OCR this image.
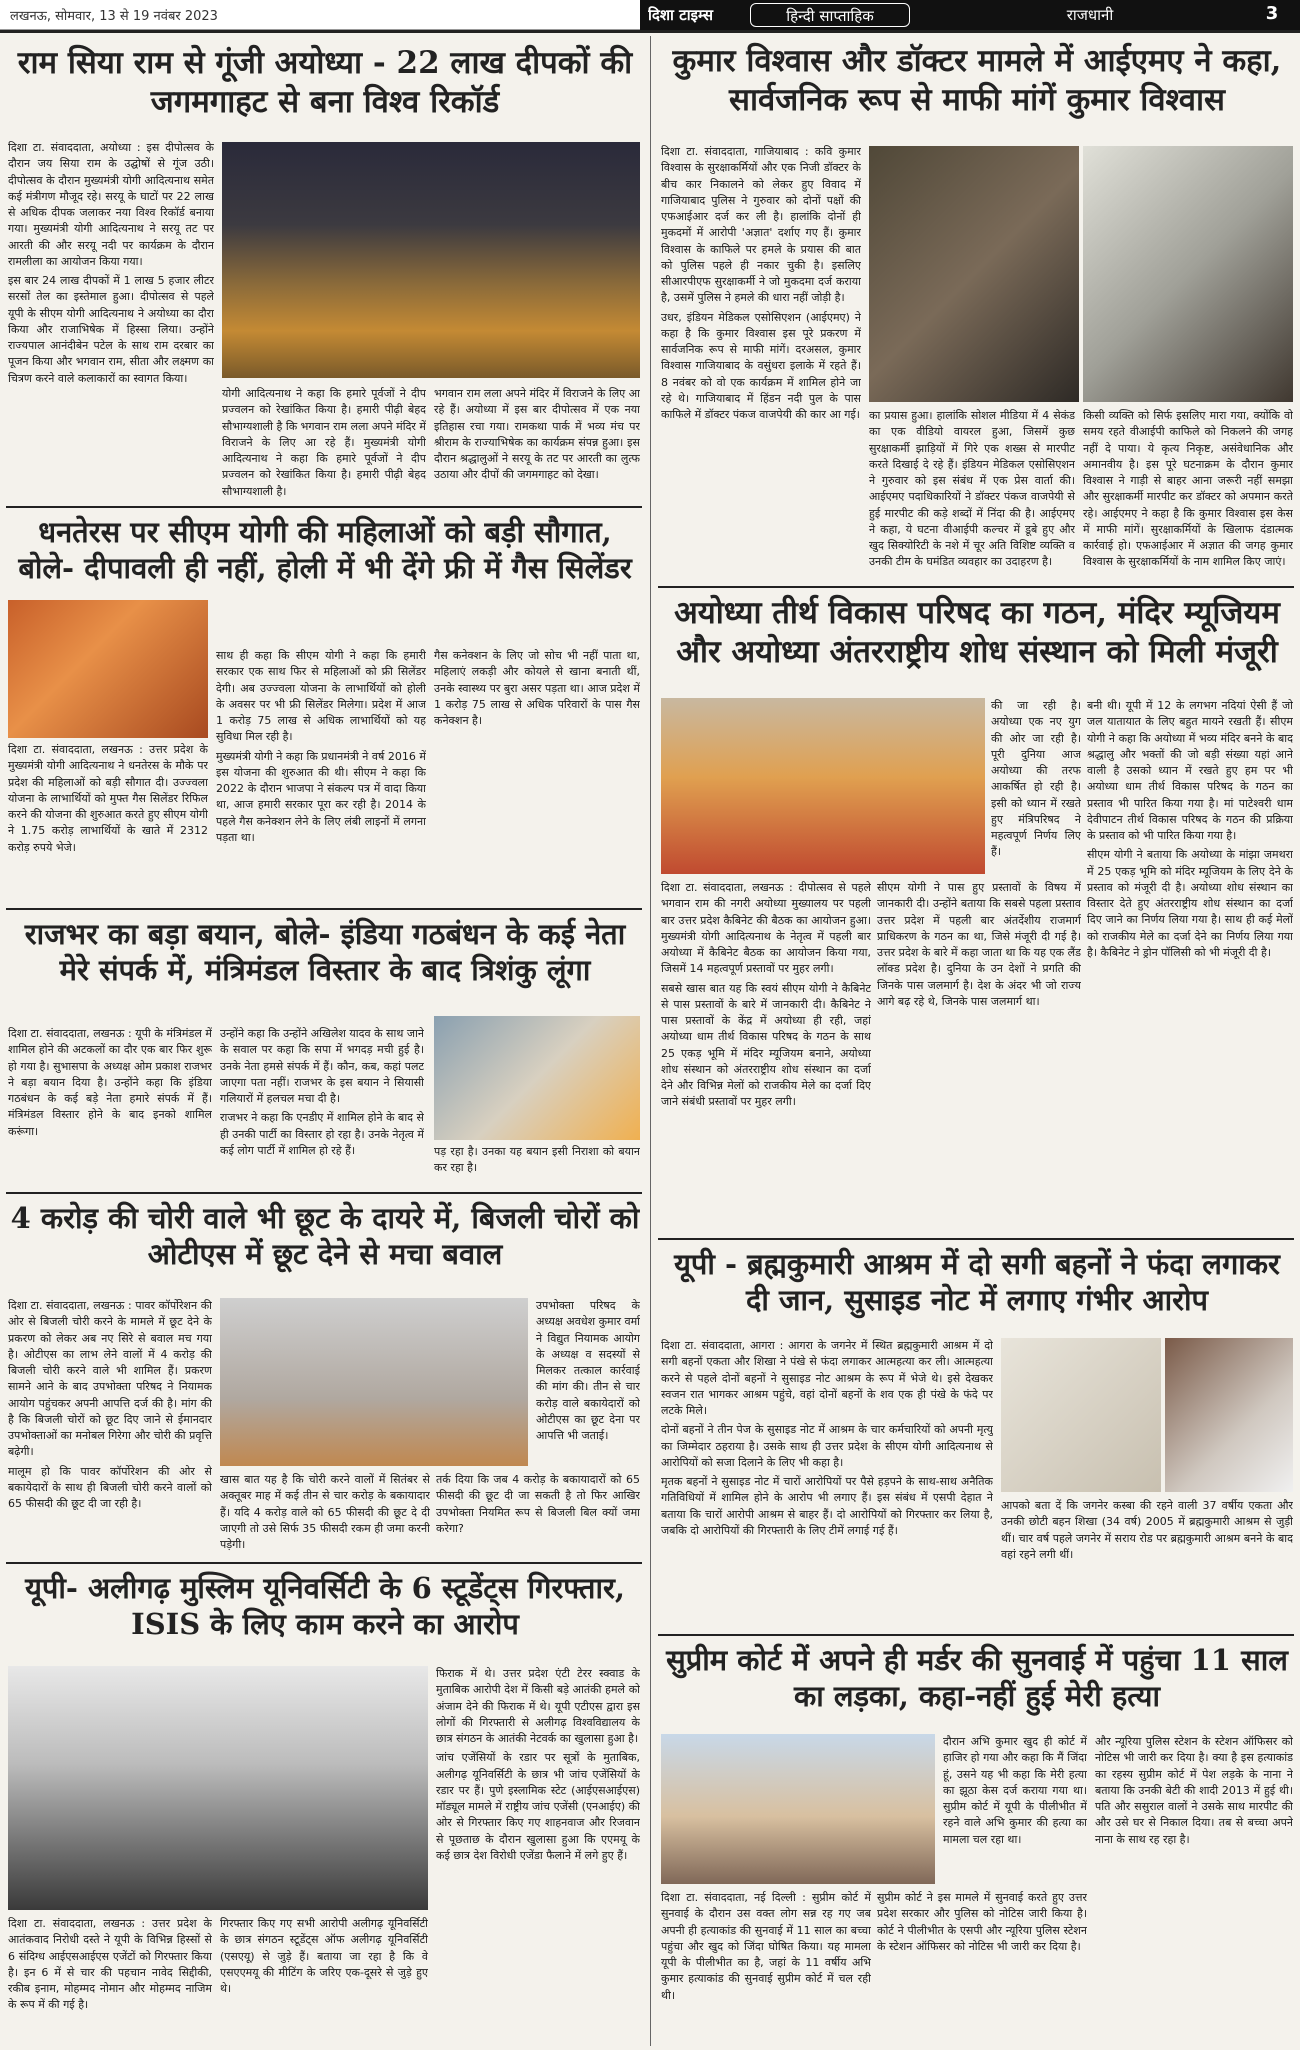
लखनऊ, सोमवार, 13 से 19 नवंबर 2023	दिशा टाइम्स	हिन्दी साप्ताहिक	राजधानी	3
राम सिया राम से गूंजी अयोध्या - 22 लाख दीपकों की जगमगाहट से बना विश्व रिकॉर्ड

दिशा टा. संवाददाता, अयोध्या : इस दीपोत्सव के दौरान जय सिया राम के उद्घोषों से गूंज उठी। दीपोत्सव के दौरान मुख्यमंत्री योगी आदित्यनाथ समेत कई मंत्रीगण मौजूद रहे। सरयू के घाटों पर 22 लाख से अधिक दीपक जलाकर नया विश्व रिकॉर्ड बनाया गया। मुख्यमंत्री योगी आदित्यनाथ ने सरयू तट पर आरती की और सरयू नदी पर कार्यक्रम के दौरान रामलीला का आयोजन किया गया।

इस बार 24 लाख दीपकों में 1 लाख 5 हजार लीटर सरसों तेल का इस्तेमाल हुआ। दीपोत्सव से पहले यूपी के सीएम योगी आदित्यनाथ ने अयोध्या का दौरा किया और राजाभिषेक में हिस्सा लिया। उन्होंने राज्यपाल आनंदीबेन पटेल के साथ राम दरबार का पूजन किया और भगवान राम, सीता और लक्ष्मण का चित्रण करने वाले कलाकारों का स्वागत किया।

योगी आदित्यनाथ ने कहा कि हमारे पूर्वजों ने दीप प्रज्वलन को रेखांकित किया है। हमारी पीढ़ी बेहद सौभाग्यशाली है कि भगवान राम लला अपने मंदिर में विराजने के लिए आ रहे हैं। मुख्यमंत्री योगी आदित्यनाथ ने कहा कि हमारे पूर्वजों ने दीप प्रज्वलन को रेखांकित किया है। हमारी पीढ़ी बेहद सौभाग्यशाली है।

भगवान राम लला अपने मंदिर में विराजने के लिए आ रहे हैं। अयोध्या में इस बार दीपोत्सव में एक नया इतिहास रचा गया। रामकथा पार्क में भव्य मंच पर श्रीराम के राज्याभिषेक का कार्यक्रम संपन्न हुआ। इस दौरान श्रद्धालुओं ने सरयू के तट पर आरती का लुत्फ उठाया और दीपों की जगमगाहट को देखा।

धनतेरस पर सीएम योगी की महिलाओं को बड़ी सौगात, बोले- दीपावली ही नहीं, होली में भी देंगे फ्री में गैस सिलेंडर

दिशा टा. संवाददाता, लखनऊ : उत्तर प्रदेश के मुख्यमंत्री योगी आदित्यनाथ ने धनतेरस के मौके पर प्रदेश की महिलाओं को बड़ी सौगात दी। उज्ज्वला योजना के लाभार्थियों को मुफ्त गैस सिलेंडर रिफिल करने की योजना की शुरुआत करते हुए सीएम योगी ने 1.75 करोड़ लाभार्थियों के खाते में 2312 करोड़ रुपये भेजे।

साथ ही कहा कि सीएम योगी ने कहा कि हमारी सरकार एक साथ फिर से महिलाओं को फ्री सिलेंडर देगी। अब उज्ज्वला योजना के लाभार्थियों को होली के अवसर पर भी फ्री सिलेंडर मिलेगा। प्रदेश में आज 1 करोड़ 75 लाख से अधिक लाभार्थियों को यह सुविधा मिल रही है।

मुख्यमंत्री योगी ने कहा कि प्रधानमंत्री ने वर्ष 2016 में इस योजना की शुरुआत की थी। सीएम ने कहा कि 2022 के दौरान भाजपा ने संकल्प पत्र में वादा किया था, आज हमारी सरकार पूरा कर रही है। 2014 के पहले गैस कनेक्शन लेने के लिए लंबी लाइनों में लगना पड़ता था।

गैस कनेक्शन के लिए जो सोच भी नहीं पाता था, महिलाएं लकड़ी और कोयले से खाना बनाती थीं, उनके स्वास्थ्य पर बुरा असर पड़ता था। आज प्रदेश में 1 करोड़ 75 लाख से अधिक परिवारों के पास गैस कनेक्शन है।

राजभर का बड़ा बयान, बोले- इंडिया गठबंधन के कई नेता मेरे संपर्क में, मंत्रिमंडल विस्तार के बाद त्रिशंकु लूंगा

दिशा टा. संवाददाता, लखनऊ : यूपी के मंत्रिमंडल में शामिल होने की अटकलों का दौर एक बार फिर शुरू हो गया है। सुभासपा के अध्यक्ष ओम प्रकाश राजभर ने बड़ा बयान दिया है। उन्होंने कहा कि इंडिया गठबंधन के कई बड़े नेता हमारे संपर्क में हैं। मंत्रिमंडल विस्तार होने के बाद इनको शामिल करूंगा।

उन्होंने कहा कि उन्होंने अखिलेश यादव के साथ जाने के सवाल पर कहा कि सपा में भगदड़ मची हुई है। उनके नेता हमसे संपर्क में हैं। कौन, कब, कहां पलट जाएगा पता नहीं। राजभर के इस बयान ने सियासी गलियारों में हलचल मचा दी है।

राजभर ने कहा कि एनडीए में शामिल होने के बाद से ही उनकी पार्टी का विस्तार हो रहा है। उनके नेतृत्व में कई लोग पार्टी में शामिल हो रहे हैं।	पड़ रहा है। उनका यह बयान इसी निराशा को बयान कर रहा है।

4 करोड़ की चोरी वाले भी छूट के दायरे में, बिजली चोरों को ओटीएस में छूट देने से मचा बवाल

दिशा टा. संवाददाता, लखनऊ : पावर कॉर्पोरेशन की ओर से बिजली चोरी करने के मामले में छूट देने के प्रकरण को लेकर अब नए सिरे से बवाल मच गया है। ओटीएस का लाभ लेने वालों में 4 करोड़ की बिजली चोरी करने वाले भी शामिल हैं। प्रकरण सामने आने के बाद उपभोक्ता परिषद ने नियामक आयोग पहुंचकर अपनी आपत्ति दर्ज की है। मांग की है कि बिजली चोरों को छूट दिए जाने से ईमानदार उपभोक्ताओं का मनोबल गिरेगा और चोरी की प्रवृत्ति बढ़ेगी।

मालूम हो कि पावर कॉर्पोरेशन की ओर से बकायेदारों के साथ ही बिजली चोरी करने वालों को 65 फीसदी की छूट दी जा रही है।

खास बात यह है कि चोरी करने वालों में सितंबर से अक्तूबर माह में कई तीन से चार करोड़ के बकायादार हैं। यदि 4 करोड़ वाले को 65 फीसदी की छूट दे दी जाएगी तो उसे सिर्फ 35 फीसदी रकम ही जमा करनी पड़ेगी।

उपभोक्ता परिषद के अध्यक्ष अवधेश कुमार वर्मा ने विद्युत नियामक आयोग के अध्यक्ष व सदस्यों से मिलकर तत्काल कार्रवाई की मांग की। तीन से चार करोड़ वाले बकायेदारों को ओटीएस का छूट देना पर आपत्ति भी जताई।

तर्क दिया कि जब 4 करोड़ के बकायादारों को 65 फीसदी की छूट दी जा सकती है तो फिर आखिर उपभोक्ता नियमित रूप से बिजली बिल क्यों जमा करेगा?

यूपी- अलीगढ़ मुस्लिम यूनिवर्सिटी के 6 स्टूडेंट्स गिरफ्तार, ISIS के लिए काम करने का आरोप

दिशा टा. संवाददाता, लखनऊ : उत्तर प्रदेश के आतंकवाद निरोधी दस्ते ने यूपी के विभिन्न हिस्सों से 6 संदिग्ध आईएसआईएस एजेंटों को गिरफ्तार किया है। इन 6 में से चार की पहचान नावेद सिद्दीकी, रकीब इनाम, मोहम्मद नोमान और मोहम्मद नाजिम के रूप में की गई है।

गिरफ्तार किए गए सभी आरोपी अलीगढ़ यूनिवर्सिटी के छात्र संगठन स्टूडेंट्स ऑफ अलीगढ़ यूनिवर्सिटी (एसएयू) से जुड़े हैं। बताया जा रहा है कि वे एसएएमयू की मीटिंग के जरिए एक-दूसरे से जुड़े हुए थे।

फिराक में थे। उत्तर प्रदेश एंटी टेरर स्क्वाड के मुताबिक आरोपी देश में किसी बड़े आतंकी हमले को अंजाम देने की फिराक में थे। यूपी एटीएस द्वारा इस लोगों की गिरफ्तारी से अलीगढ़ विश्वविद्यालय के छात्र संगठन के आतंकी नेटवर्क का खुलासा हुआ है।

जांच एजेंसियों के रडार पर सूत्रों के मुताबिक, अलीगढ़ यूनिवर्सिटी के छात्र भी जांच एजेंसियों के रडार पर हैं। पुणे इस्लामिक स्टेट (आईएसआईएस) मॉड्यूल मामले में राष्ट्रीय जांच एजेंसी (एनआईए) की ओर से गिरफ्तार किए गए शाहनवाज और रिजवान से पूछताछ के दौरान खुलासा हुआ कि एएमयू के कई छात्र देश विरोधी एजेंडा फैलाने में लगे हुए हैं।

कुमार विश्वास और डॉक्टर मामले में आईएमए ने कहा, सार्वजनिक रूप से माफी मांगें कुमार विश्वास

दिशा टा. संवाददाता, गाजियाबाद : कवि कुमार विश्वास के सुरक्षाकर्मियों और एक निजी डॉक्टर के बीच कार निकालने को लेकर हुए विवाद में गाजियाबाद पुलिस ने गुरुवार को दोनों पक्षों की एफआईआर दर्ज कर ली है। हालांकि दोनों ही मुकदमों में आरोपी 'अज्ञात' दर्शाए गए हैं। कुमार विश्वास के काफिले पर हमले के प्रयास की बात को पुलिस पहले ही नकार चुकी है। इसलिए सीआरपीएफ सुरक्षाकर्मी ने जो मुकदमा दर्ज कराया है, उसमें पुलिस ने हमले की धारा नहीं जोड़ी है।

उधर, इंडियन मेडिकल एसोसिएशन (आईएमए) ने कहा है कि कुमार विश्वास इस पूरे प्रकरण में सार्वजनिक रूप से माफी मांगें। दरअसल, कुमार विश्वास गाजियाबाद के वसुंधरा इलाके में रहते हैं। 8 नवंबर को वो एक कार्यक्रम में शामिल होने जा रहे थे। गाजियाबाद में हिंडन नदी पुल के पास काफिले में डॉक्टर पंकज वाजपेयी की कार आ गई। का प्रयास हुआ। हालांकि सोशल मीडिया में 4 सेकंड का एक वीडियो वायरल हुआ, जिसमें कुछ सुरक्षाकर्मी झाड़ियों में गिरे एक शख्स से मारपीट करते दिखाई दे रहे हैं। इंडियन मेडिकल एसोसिएशन ने गुरुवार को इस संबंध में एक प्रेस वार्ता की। आईएमए पदाधिकारियों ने डॉक्टर पंकज वाजपेयी से हुई मारपीट की कड़े शब्दों में निंदा की है। आईएमए ने कहा, ये घटना वीआईपी कल्चर में डूबे हुए और खुद सिक्योरिटी के नशे में चूर अति विशिष्ट व्यक्ति व उनकी टीम के घमंडित व्यवहार का उदाहरण है।

किसी व्यक्ति को सिर्फ इसलिए मारा गया, क्योंकि वो समय रहते वीआईपी काफिले को निकलने की जगह नहीं दे पाया। ये कृत्य निकृष्ट, असंवेधानिक और अमानवीय है। इस पूरे घटनाक्रम के दौरान कुमार विश्वास ने गाड़ी से बाहर आना जरूरी नहीं समझा और सुरक्षाकर्मी मारपीट कर डॉक्टर को अपमान करते रहे। आईएमए ने कहा है कि कुमार विश्वास इस केस में माफी मांगें। सुरक्षाकर्मियों के खिलाफ दंडात्मक कार्रवाई हो। एफआईआर में अज्ञात की जगह कुमार विश्वास के सुरक्षाकर्मियों के नाम शामिल किए जाएं।

अयोध्या तीर्थ विकास परिषद का गठन, मंदिर म्यूजियम और अयोध्या अंतरराष्ट्रीय शोध संस्थान को मिली मंजूरी

दिशा टा. संवाददाता, लखनऊ : दीपोत्सव से पहले भगवान राम की नगरी अयोध्या मुख्यालय पर पहली बार उत्तर प्रदेश कैबिनेट की बैठक का आयोजन हुआ। मुख्यमंत्री योगी आदित्यनाथ के नेतृत्व में पहली बार अयोध्या में कैबिनेट बैठक का आयोजन किया गया, जिसमें 14 महत्वपूर्ण प्रस्तावों पर मुहर लगी।

सबसे खास बात यह कि स्वयं सीएम योगी ने कैबिनेट से पास प्रस्तावों के बारे में जानकारी दी। कैबिनेट ने पास प्रस्तावों के केंद्र में अयोध्या ही रही, जहां अयोध्या धाम तीर्थ विकास परिषद के गठन के साथ 25 एकड़ भूमि में मंदिर म्यूजियम बनाने, अयोध्या शोध संस्थान को अंतरराष्ट्रीय शोध संस्थान का दर्जा देने और विभिन्न मेलों को राजकीय मेले का दर्जा दिए जाने संबंधी प्रस्तावों पर मुहर लगी।

सीएम योगी ने पास हुए प्रस्तावों के विषय में जानकारी दी। उन्होंने बताया कि सबसे पहला प्रस्ताव उत्तर प्रदेश में पहली बार अंतर्देशीय राजमार्ग प्राधिकरण के गठन का था, जिसे मंजूरी दी गई है। उत्तर प्रदेश के बारे में कहा जाता था कि यह एक लैंड लॉक्ड प्रदेश है। दुनिया के उन देशों ने प्रगति की जिनके पास जलमार्ग है। देश के अंदर भी जो राज्य आगे बढ़ रहे थे, जिनके पास जलमार्ग था।

की जा रही है। अयोध्या एक नए युग की ओर जा रही है। पूरी दुनिया आज अयोध्या की तरफ आकर्षित हो रही है। इसी को ध्यान में रखते हुए मंत्रिपरिषद ने महत्वपूर्ण निर्णय लिए हैं।

बनी थी। यूपी में 12 के लगभग नदियां ऐसी हैं जो जल यातायात के लिए बहुत मायने रखती हैं। सीएम योगी ने कहा कि अयोध्या में भव्य मंदिर बनने के बाद श्रद्धालु और भक्तों की जो बड़ी संख्या यहां आने वाली है उसको ध्यान में रखते हुए हम पर भी अयोध्या धाम तीर्थ विकास परिषद के गठन का प्रस्ताव भी पारित किया गया है। मां पाटेश्वरी धाम देवीपाटन तीर्थ विकास परिषद के गठन की प्रक्रिया के प्रस्ताव को भी पारित किया गया है।

सीएम योगी ने बताया कि अयोध्या के मांझा जमथरा में 25 एकड़ भूमि को मंदिर म्यूजियम के लिए देने के प्रस्ताव को मंजूरी दी है। अयोध्या शोध संस्थान का विस्तार देते हुए अंतरराष्ट्रीय शोध संस्थान का दर्जा दिए जाने का निर्णय लिया गया है। साथ ही कई मेलों को राजकीय मेले का दर्जा देने का निर्णय लिया गया है। कैबिनेट ने ड्रोन पॉलिसी को भी मंजूरी दी है।

यूपी - ब्रह्मकुमारी आश्रम में दो सगी बहनों ने फंदा लगाकर दी जान, सुसाइड नोट में लगाए गंभीर आरोप

दिशा टा. संवाददाता, आगरा : आगरा के जगनेर में स्थित ब्रह्मकुमारी आश्रम में दो सगी बहनों एकता और शिखा ने पंखे से फंदा लगाकर आत्महत्या कर ली। आत्महत्या करने से पहले दोनों बहनों ने सुसाइड नोट आश्रम के रूप में भेजे थे। इसे देखकर स्वजन रात भागकर आश्रम पहुंचे, वहां दोनों बहनों के शव एक ही पंखे के फंदे पर लटके मिले।

दोनों बहनों ने तीन पेज के सुसाइड नोट में आश्रम के चार कर्मचारियों को अपनी मृत्यु का जिम्मेदार ठहराया है। उसके साथ ही उत्तर प्रदेश के सीएम योगी आदित्यनाथ से आरोपियों को सजा दिलाने के लिए भी कहा है।

मृतक बहनों ने सुसाइड नोट में चारों आरोपियों पर पैसे हड़पने के साथ-साथ अनैतिक गतिविधियों में शामिल होने के आरोप भी लगाए हैं। इस संबंध में एसपी देहात ने बताया कि चारों आरोपी आश्रम से बाहर हैं। दो आरोपियों को गिरफ्तार कर लिया है, जबकि दो आरोपियों की गिरफ्तारी के लिए टीमें लगाई गई हैं।

आपको बता दें कि जगनेर कस्बा की रहने वाली 37 वर्षीय एकता और उनकी छोटी बहन शिखा (34 वर्ष) 2005 में ब्रह्मकुमारी आश्रम से जुड़ी थीं। चार वर्ष पहले जगनेर में सराय रोड पर ब्रह्मकुमारी आश्रम बनने के बाद वहां रहने लगी थीं।

सुप्रीम कोर्ट में अपने ही मर्डर की सुनवाई में पहुंचा 11 साल का लड़का, कहा-नहीं हुई मेरी हत्या

दौरान अभि कुमार खुद ही कोर्ट में हाजिर हो गया और कहा कि मैं जिंदा हूं, उसने यह भी कहा कि मेरी हत्या का झूठा केस दर्ज कराया गया था। सुप्रीम कोर्ट में यूपी के पीलीभीत में रहने वाले अभि कुमार की हत्या का मामला चल रहा था।

दिशा टा. संवाददाता, नई दिल्ली : सुप्रीम कोर्ट में सुनवाई के दौरान उस वक्त लोग सन्न रह गए जब अपनी ही हत्याकांड की सुनवाई में 11 साल का बच्चा पहुंचा और खुद को जिंदा घोषित किया। यह मामला यूपी के पीलीभीत का है, जहां के 11 वर्षीय अभि कुमार हत्याकांड की सुनवाई सुप्रीम कोर्ट में चल रही थी।

सुप्रीम कोर्ट ने इस मामले में सुनवाई करते हुए उत्तर प्रदेश सरकार और पुलिस को नोटिस जारी किया है। कोर्ट ने पीलीभीत के एसपी और न्यूरिया पुलिस स्टेशन के स्टेशन ऑफिसर को नोटिस भी जारी कर दिया है।

और न्यूरिया पुलिस स्टेशन के स्टेशन ऑफिसर को नोटिस भी जारी कर दिया है। क्या है इस हत्याकांड का रहस्य सुप्रीम कोर्ट में पेश लड़के के नाना ने बताया कि उनकी बेटी की शादी 2013 में हुई थी। पति और ससुराल वालों ने उसके साथ मारपीट की और उसे घर से निकाल दिया। तब से बच्चा अपने नाना के साथ रह रहा है।
